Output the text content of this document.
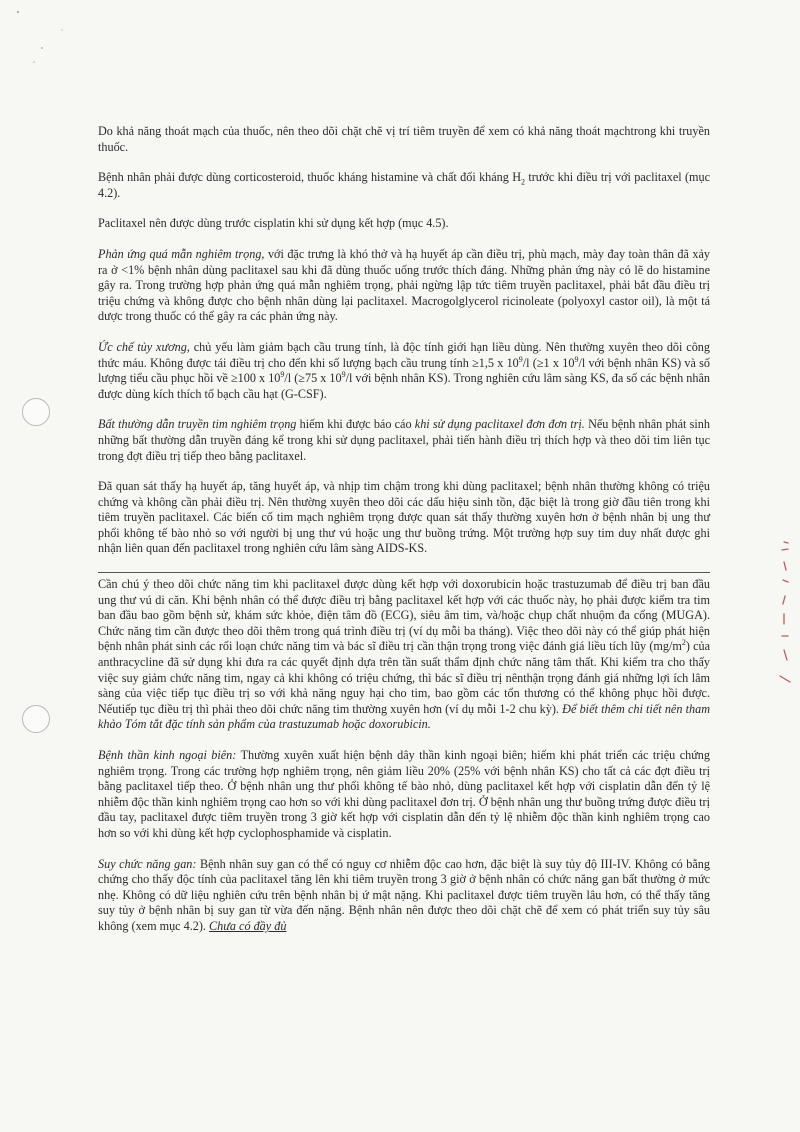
Do khả năng thoát mạch của thuốc, nên theo dõi chặt chẽ vị trí tiêm truyền để xem có khả năng thoát mạchtrong khi truyền thuốc.

Bệnh nhân phải được dùng corticosteroid, thuốc kháng histamine và chất đối kháng $H_2$ trước khi điều trị với paclitaxel (mục 4.2).

Paclitaxel nên được dùng trước cisplatin khi sử dụng kết hợp (mục 4.5).

Phản ứng quá mẫn nghiêm trọng, với đặc trưng là khó thở và hạ huyết áp cần điều trị, phù mạch, mày đay toàn thân đã xảy ra ở <1% bệnh nhân dùng paclitaxel sau khi đã dùng thuốc uống trước thích đáng. Những phản ứng này có lẽ do histamine gây ra. Trong trường hợp phản ứng quá mẫn nghiêm trọng, phải ngừng lập tức tiêm truyền paclitaxel, phải bắt đầu điều trị triệu chứng và không được cho bệnh nhân dùng lại paclitaxel. Macrogolglycerol ricinoleate (polyoxyl castor oil), là một tá dược trong thuốc có thể gây ra các phản ứng này.

Ức chế tủy xương, chủ yếu làm giảm bạch cầu trung tính, là độc tính giới hạn liều dùng. Nên thường xuyên theo dõi công thức máu. Không được tái điều trị cho đến khi số lượng bạch cầu trung tính ≥1,5 x $10^9/l$ (≥1 x $10^9/l$ với bệnh nhân KS) và số lượng tiểu cầu phục hồi về ≥100 x $10^9/l$ (≥75 x $10^9/l$ với bệnh nhân KS). Trong nghiên cứu lâm sàng KS, đa số các bệnh nhân được dùng kích thích tố bạch cầu hạt (G-CSF).

Bất thường dẫn truyền tim nghiêm trọng hiếm khi được báo cáo khi sử dụng paclitaxel đơn đơn trị. Nếu bệnh nhân phát sinh những bất thường dẫn truyền đáng kể trong khi sử dụng paclitaxel, phải tiến hành điều trị thích hợp và theo dõi tim liên tục trong đợt điều trị tiếp theo bằng paclitaxel.

Đã quan sát thấy hạ huyết áp, tăng huyết áp, và nhịp tim chậm trong khi dùng paclitaxel; bệnh nhân thường không có triệu chứng và không cần phải điều trị. Nên thường xuyên theo dõi các dấu hiệu sinh tồn, đặc biệt là trong giờ đầu tiên trong khi tiêm truyền paclitaxel. Các biến cố tim mạch nghiêm trọng được quan sát thấy thường xuyên hơn ở bệnh nhân bị ung thư phổi không tế bào nhỏ so với người bị ung thư vú hoặc ung thư buồng trứng. Một trường hợp suy tim duy nhất được ghi nhận liên quan đến paclitaxel trong nghiên cứu lâm sàng AIDS-KS.

Cần chú ý theo dõi chức năng tim khi paclitaxel được dùng kết hợp với doxorubicin hoặc trastuzumab để điều trị ban đầu ung thư vú di căn. Khi bệnh nhân có thể được điều trị bằng paclitaxel kết hợp với các thuốc này, họ phải được kiểm tra tim ban đầu bao gồm bệnh sử, khám sức khỏe, điện tâm đồ (ECG), siêu âm tim, và/hoặc chụp chất nhuộm đa cổng (MUGA). Chức năng tim cần được theo dõi thêm trong quá trình điều trị (ví dụ mỗi ba tháng). Việc theo dõi này có thể giúp phát hiện bệnh nhân phát sinh các rối loạn chức năng tim và bác sĩ điều trị cần thận trọng trong việc đánh giá liều tích lũy $(mg/m^2)$ của anthracycline đã sử dụng khi đưa ra các quyết định dựa trên tần suất thẩm định chức năng tâm thất. Khi kiểm tra cho thấy việc suy giảm chức năng tim, ngay cả khi không có triệu chứng, thì bác sĩ điều trị nênthận trọng đánh giá những lợi ích lâm sàng của việc tiếp tục điều trị so với khả năng nguy hại cho tim, bao gồm các tổn thương có thể không phục hồi được. Nếutiếp tục điều trị thì phải theo dõi chức năng tim thường xuyên hơn (ví dụ mỗi 1-2 chu kỳ). Để biết thêm chi tiết nên tham khảo Tóm tắt đặc tính sản phẩm của trastuzumab hoặc doxorubicin.

Bệnh thần kinh ngoại biên: Thường xuyên xuất hiện bệnh dây thần kinh ngoại biên; hiếm khi phát triển các triệu chứng nghiêm trọng. Trong các trường hợp nghiêm trọng, nên giảm liều 20% (25% với bệnh nhân KS) cho tất cả các đợt điều trị bằng paclitaxel tiếp theo. Ở bệnh nhân ung thư phổi không tế bào nhỏ, dùng paclitaxel kết hợp với cisplatin dẫn đến tỷ lệ nhiễm độc thần kinh nghiêm trọng cao hơn so với khi dùng paclitaxel đơn trị. Ở bệnh nhân ung thư buồng trứng được điều trị đầu tay, paclitaxel được tiêm truyền trong 3 giờ kết hợp với cisplatin dẫn đến tỷ lệ nhiễm độc thần kinh nghiêm trọng cao hơn so với khi dùng kết hợp cyclophosphamide và cisplatin.

Suy chức năng gan: Bệnh nhân suy gan có thể có nguy cơ nhiễm độc cao hơn, đặc biệt là suy tủy độ III-IV. Không có bằng chứng cho thấy độc tính của paclitaxel tăng lên khi tiêm truyền trong 3 giờ ở bệnh nhân có chức năng gan bất thường ở mức nhẹ. Không có dữ liệu nghiên cứu trên bệnh nhân bị ứ mật nặng. Khi paclitaxel được tiêm truyền lâu hơn, có thể thấy tăng suy tủy ở bệnh nhân bị suy gan từ vừa đến nặng. Bệnh nhân nên được theo dõi chặt chẽ để xem có phát triển suy tủy sâu không (xem mục 4.2). Chưa có đầy đủ
